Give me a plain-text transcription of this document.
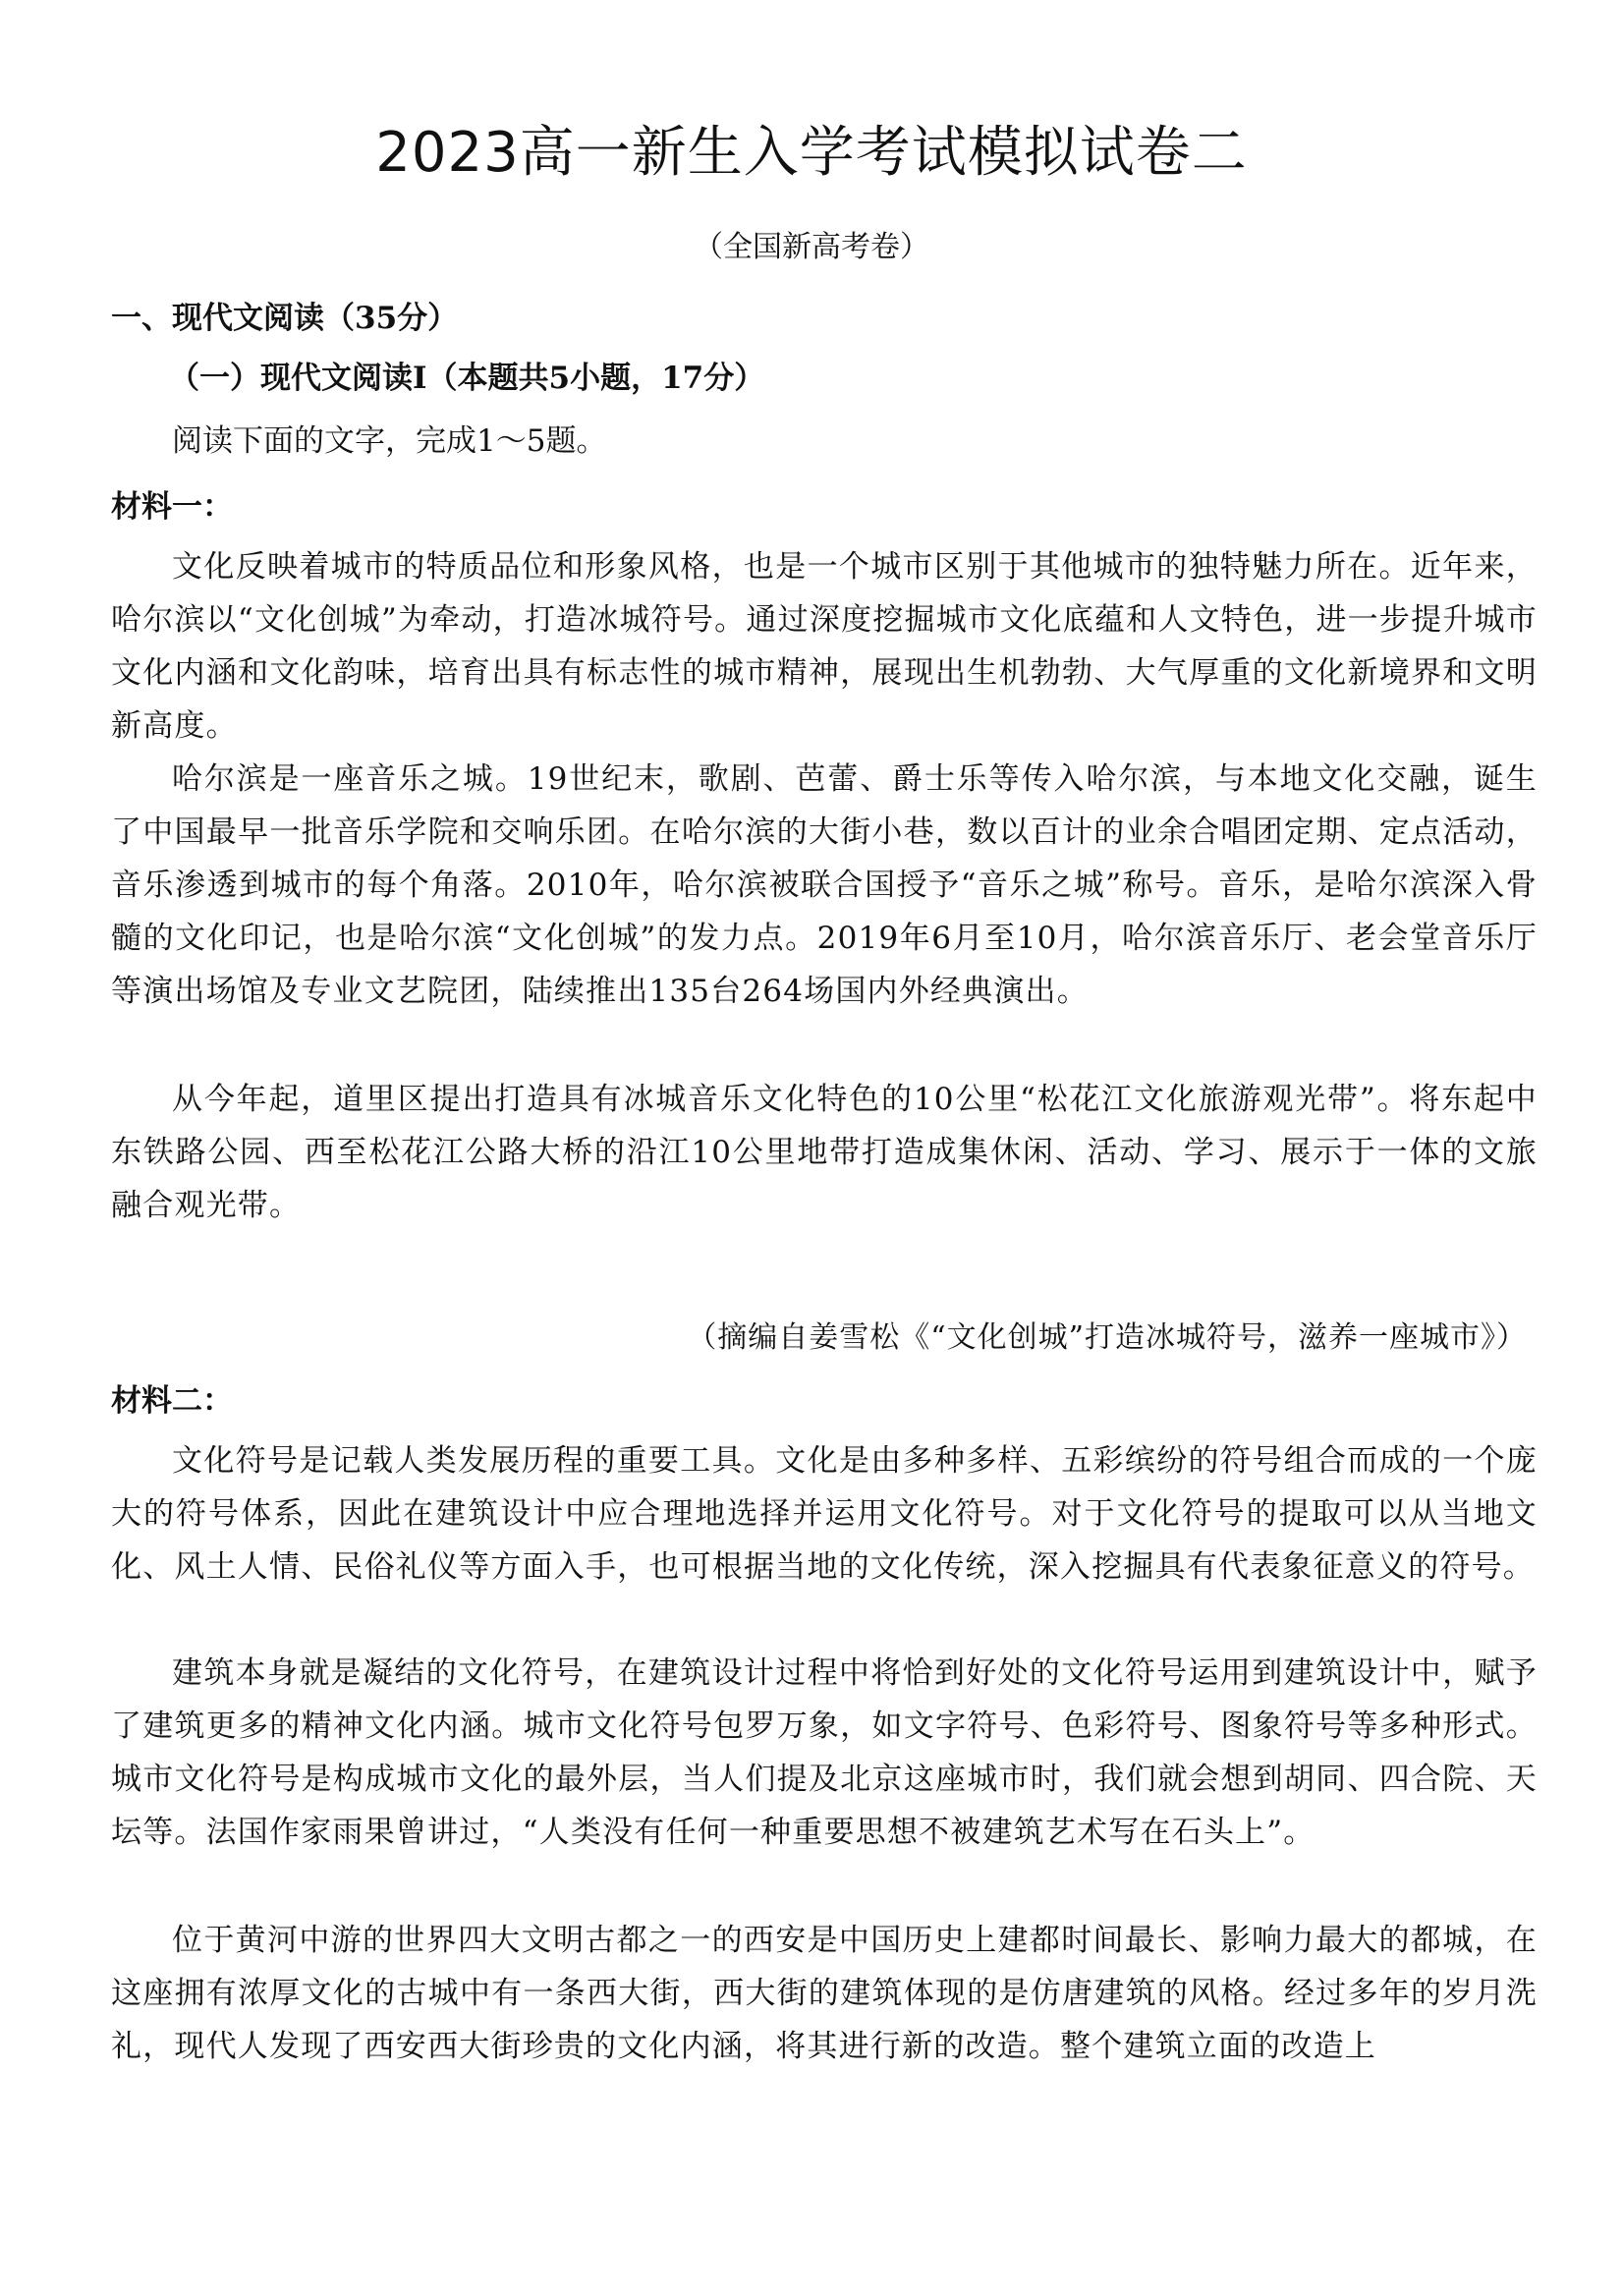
2023高一新生入学考试模拟试卷二
（全国新高考卷）
一、现代文阅读（35分）
（一）现代文阅读Ⅰ（本题共5小题，17分）
阅读下面的文字，完成1～5题。
材料一：
文化反映着城市的特质品位和形象风格，也是一个城市区别于其他城市的独特魅力所在。近年来，哈尔滨以“文化创城”为牵动，打造冰城符号。通过深度挖掘城市文化底蕴和人文特色，进一步提升城市文化内涵和文化韵味，培育出具有标志性的城市精神，展现出生机勃勃、大气厚重的文化新境界和文明新高度。
哈尔滨是一座音乐之城。19世纪末，歌剧、芭蕾、爵士乐等传入哈尔滨，与本地文化交融，诞生了中国最早一批音乐学院和交响乐团。在哈尔滨的大街小巷，数以百计的业余合唱团定期、定点活动，音乐渗透到城市的每个角落。2010年，哈尔滨被联合国授予“音乐之城”称号。音乐，是哈尔滨深入骨髓的文化印记，也是哈尔滨“文化创城”的发力点。2019年6月至10月，哈尔滨音乐厅、老会堂音乐厅等演出场馆及专业文艺院团，陆续推出135台264场国内外经典演出。
从今年起，道里区提出打造具有冰城音乐文化特色的10公里“松花江文化旅游观光带”。将东起中东铁路公园、西至松花江公路大桥的沿江10公里地带打造成集休闲、活动、学习、展示于一体的文旅融合观光带。
（摘编自姜雪松《“文化创城”打造冰城符号，滋养一座城市》）
材料二：
文化符号是记载人类发展历程的重要工具。文化是由多种多样、五彩缤纷的符号组合而成的一个庞大的符号体系，因此在建筑设计中应合理地选择并运用文化符号。对于文化符号的提取可以从当地文化、风土人情、民俗礼仪等方面入手，也可根据当地的文化传统，深入挖掘具有代表象征意义的符号。
建筑本身就是凝结的文化符号，在建筑设计过程中将恰到好处的文化符号运用到建筑设计中，赋予了建筑更多的精神文化内涵。城市文化符号包罗万象，如文字符号、色彩符号、图象符号等多种形式。城市文化符号是构成城市文化的最外层，当人们提及北京这座城市时，我们就会想到胡同、四合院、天坛等。法国作家雨果曾讲过，“人类没有任何一种重要思想不被建筑艺术写在石头上”。
位于黄河中游的世界四大文明古都之一的西安是中国历史上建都时间最长、影响力最大的都城，在这座拥有浓厚文化的古城中有一条西大街，西大街的建筑体现的是仿唐建筑的风格。经过多年的岁月洗礼，现代人发现了西安西大街珍贵的文化内涵，将其进行新的改造。整个建筑立面的改造上
